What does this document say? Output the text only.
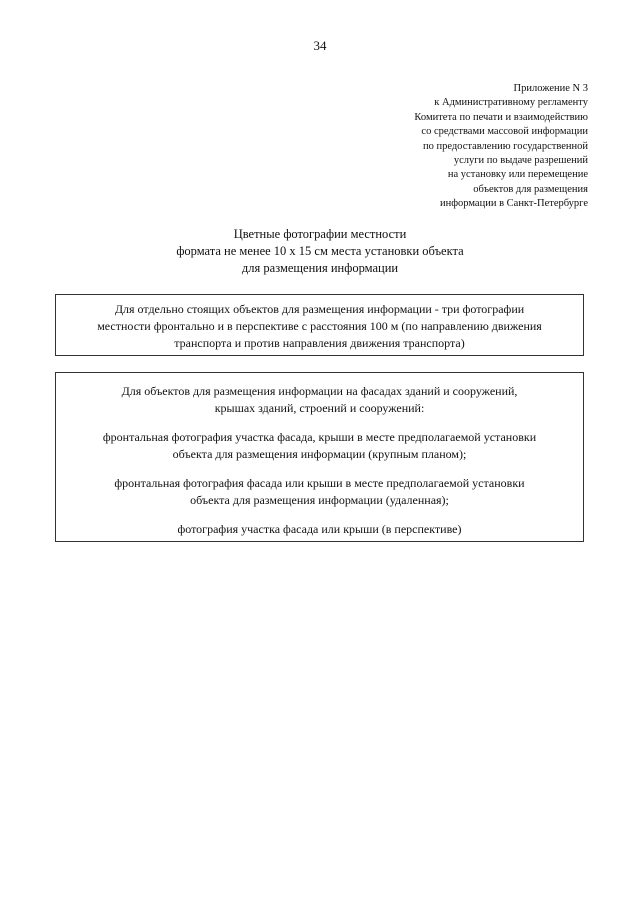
34
Приложение N 3
к Административному регламенту
Комитета по печати и взаимодействию
со средствами массовой информации
по предоставлению государственной
услуги по выдаче разрешений
на установку или перемещение
объектов для размещения
информации в Санкт-Петербурге
Цветные фотографии местности
формата не менее 10 x 15 см места установки объекта
для размещения информации
Для отдельно стоящих объектов для размещения информации - три фотографии
местности фронтально и в перспективе с расстояния 100 м (по направлению движения
транспорта и против направления движения транспорта)
Для объектов для размещения информации на фасадах зданий и сооружений,
крышах зданий, строений и сооружений:
фронтальная фотография участка фасада, крыши в месте предполагаемой установки
объекта для размещения информации (крупным планом);
фронтальная фотография фасада или крыши в месте предполагаемой установки
объекта для размещения информации (удаленная);
фотография участка фасада или крыши (в перспективе)
